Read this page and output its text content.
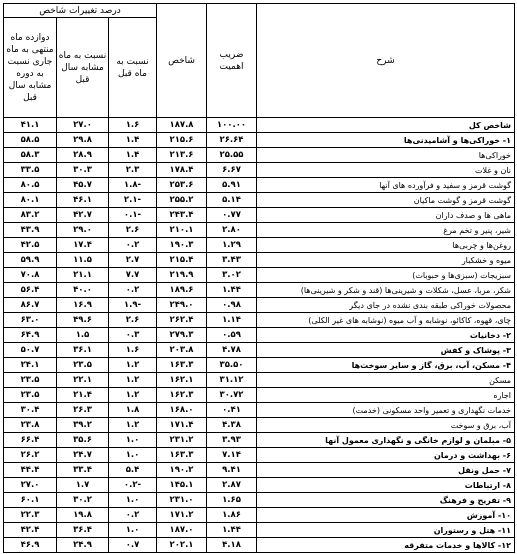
شرح	ضریب اهمیت	شاخص	درصد تغییرات شاخص		
			نسبت به ماه قبل	نسبت به ماه مشابه سال قبل	دوازده ماه منتهی به ماه جاری نسبت به دوره مشابه سال قبل
شاخص کل	۱۰۰.۰۰	۱۸۷.۸	۱.۶	۲۷.۰	۴۱.۱
۱- خوراکی‌ها و آشامیدنی‌ها	۲۶.۶۴	۲۱۵.۶	۱.۴	۲۹.۸	۵۸.۵
خوراکی‌ها	۲۵.۵۵	۲۱۳.۶	۱.۴	۲۸.۹	۵۸.۳
نان و غلات	۶.۶۷	۱۷۸.۴	۲.۳	۳۰.۳	۳۳.۵
گوشت قرمز و سفید و فرآورده های آنها	۵.۹۱	۲۵۳.۶	-۱.۸	۴۵.۷	۸۰.۵
گوشت قرمز و گوشت ماکیان	۵.۱۴	۲۵۵.۲	-۲.۱	۴۶.۱	۸۰.۱
ماهی ها و صدف داران	۰.۷۷	۲۴۳.۴	-۰.۱	۴۲.۷	۸۳.۲
شیر، پنیر و تخم مرغ	۲.۸۰	۲۱۰.۱	۲.۶	۲۹.۰	۴۳.۹
روغن‌ها و چربی‌ها	۱.۲۹	۱۹۰.۳	۰.۲	۱۷.۴	۴۲.۵
میوه و خشکبار	۳.۴۳	۲۱۵.۴	۲.۷	۱۱.۵	۵۹.۹
سبزیجات (سبزی‌ها و حبوبات)	۳.۰۲	۲۱۹.۹	۷.۷	۲۱.۱	۷۰.۸
شکر، مربا، عسل، شکلات و شیرینی‌ها (قند و شکر و شیرینی‌ها)	۱.۴۴	۱۸۹.۶	۰.۲	۴۰.۰	۵۶.۴
محصولات خوراکی طبقه بندی نشده در جای دیگر	۰.۹۸	۲۴۹.۰	-۱.۹	۱۶.۹	۸۶.۷
چای، قهوه، کاکائو، نوشابه و آب میوه (نوشابه های غیر الکلی)	۱.۱۴	۲۶۲.۴	۲.۶	۴۹.۶	۶۳.۰
۲- دخانیات	۰.۵۹	۲۷۹.۳	۰.۳	۱.۵	۶۴.۹
۳- پوشاک و کفش	۴.۷۸	۲۰۳.۸	۱.۶	۳۶.۱	۵۰.۷
۴- مسکن، آب، برق، گاز و سایر سوخت‌ها	۳۵.۵۰	۱۶۳.۳	۱.۲	۲۳.۵	۲۴.۱
مسکن	۳۱.۱۲	۱۶۲.۱	۱.۲	۲۲.۱	۲۳.۵
اجاره	۳۰.۷۲	۱۶۲.۳	۱.۲	۲۱.۴	۲۳.۵
خدمات نگهداری و تعمیر واحد مسکونی (خدمت)	۰.۴۱	۱۶۸.۰	۱.۸	۲۶.۳	۳۰.۴
آب، برق و سوخت	۴.۳۸	۱۷۱.۴	۱.۲	۳۹.۲	۲۳.۸
۵- مبلمان و لوازم خانگی و نگهداری معمول آنها	۳.۹۳	۲۳۱.۲	۱.۰	۳۵.۶	۶۶.۴
۶- بهداشت و درمان	۷.۱۴	۱۶۳.۳	۱.۰	۲۴.۷	۲۶.۲
۷- حمل ونقل	۹.۴۱	۱۹۰.۲	۵.۴	۳۳.۴	۴۴.۴
۸- ارتباطات	۲.۸۷	۱۴۵.۱	-۰.۲	۱.۷	۲۷.۰
۹- تفریح و فرهنگ	۱.۶۵	۲۳۱.۰	۱.۰	۳۰.۲	۶۰.۱
۱۰- آموزش	۱.۸۶	۱۷۱.۲	۰.۲	۱۹.۸	۲۲.۳
۱۱- هتل و رستوران	۱.۴۴	۱۸۷.۰	۱.۰	۳۶.۴	۴۲.۴
۱۲- کالاها و خدمات متفرقه	۴.۱۸	۲۰۲.۱	۰.۷	۲۴.۹	۴۶.۹
